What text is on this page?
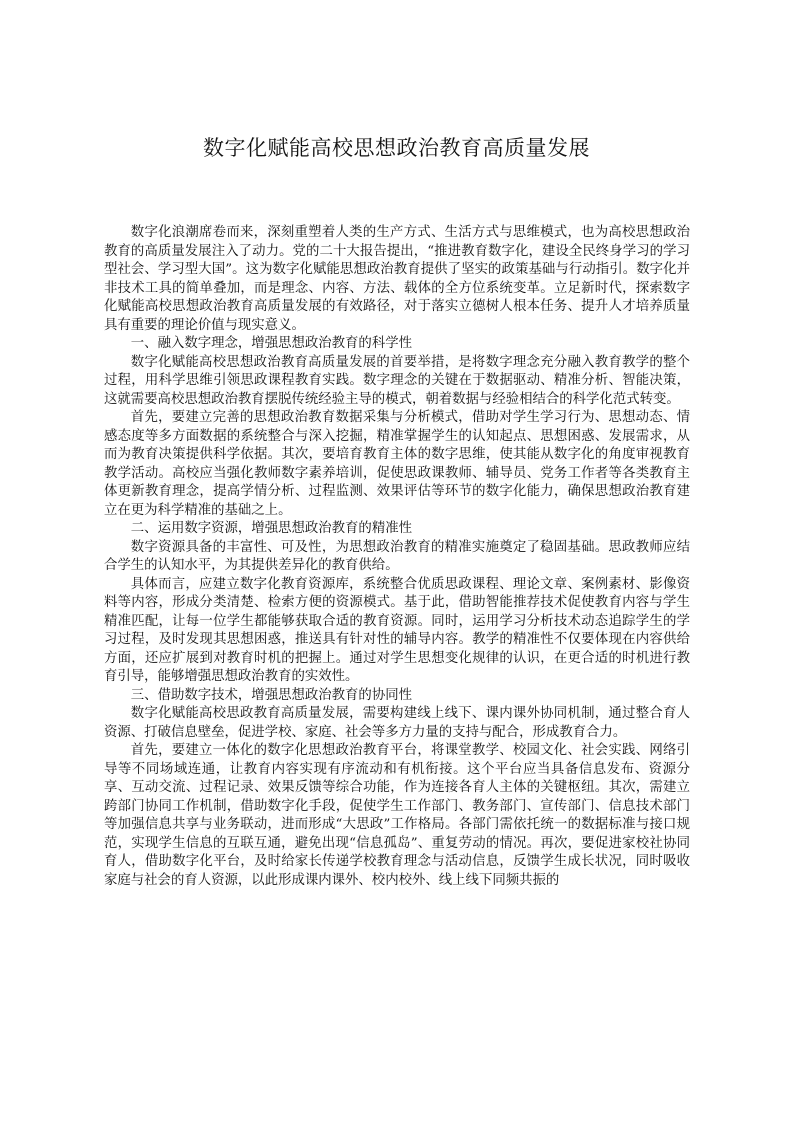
数字化赋能高校思想政治教育高质量发展

数字化浪潮席卷而来，深刻重塑着人类的生产方式、生活方式与思维模式，也为高校思想政治教育的高质量发展注入了动力。党的二十大报告提出，“推进教育数字化，建设全民终身学习的学习型社会、学习型大国”。这为数字化赋能思想政治教育提供了坚实的政策基础与行动指引。数字化并非技术工具的简单叠加，而是理念、内容、方法、载体的全方位系统变革。立足新时代，探索数字化赋能高校思想政治教育高质量发展的有效路径，对于落实立德树人根本任务、提升人才培养质量具有重要的理论价值与现实意义。

一、融入数字理念，增强思想政治教育的科学性

数字化赋能高校思想政治教育高质量发展的首要举措，是将数字理念充分融入教育教学的整个过程，用科学思维引领思政课程教育实践。数字理念的关键在于数据驱动、精准分析、智能决策，这就需要高校思想政治教育摆脱传统经验主导的模式，朝着数据与经验相结合的科学化范式转变。

首先，要建立完善的思想政治教育数据采集与分析模式，借助对学生学习行为、思想动态、情感态度等多方面数据的系统整合与深入挖掘，精准掌握学生的认知起点、思想困惑、发展需求，从而为教育决策提供科学依据。其次，要培育教育主体的数字思维，使其能从数字化的角度审视教育教学活动。高校应当强化教师数字素养培训，促使思政课教师、辅导员、党务工作者等各类教育主体更新教育理念，提高学情分析、过程监测、效果评估等环节的数字化能力，确保思想政治教育建立在更为科学精准的基础之上。

二、运用数字资源，增强思想政治教育的精准性

数字资源具备的丰富性、可及性，为思想政治教育的精准实施奠定了稳固基础。思政教师应结合学生的认知水平，为其提供差异化的教育供给。

具体而言，应建立数字化教育资源库，系统整合优质思政课程、理论文章、案例素材、影像资料等内容，形成分类清楚、检索方便的资源模式。基于此，借助智能推荐技术促使教育内容与学生精准匹配，让每一位学生都能够获取合适的教育资源。同时，运用学习分析技术动态追踪学生的学习过程，及时发现其思想困惑，推送具有针对性的辅导内容。教学的精准性不仅要体现在内容供给方面，还应扩展到对教育时机的把握上。通过对学生思想变化规律的认识，在更合适的时机进行教育引导，能够增强思想政治教育的实效性。

三、借助数字技术，增强思想政治教育的协同性

数字化赋能高校思政教育高质量发展，需要构建线上线下、课内课外协同机制，通过整合育人资源、打破信息壁垒，促进学校、家庭、社会等多方力量的支持与配合，形成教育合力。

首先，要建立一体化的数字化思想政治教育平台，将课堂教学、校园文化、社会实践、网络引导等不同场域连通，让教育内容实现有序流动和有机衔接。这个平台应当具备信息发布、资源分享、互动交流、过程记录、效果反馈等综合功能，作为连接各育人主体的关键枢纽。其次，需建立跨部门协同工作机制，借助数字化手段，促使学生工作部门、教务部门、宣传部门、信息技术部门等加强信息共享与业务联动，进而形成“大思政”工作格局。各部门需依托统一的数据标准与接口规范，实现学生信息的互联互通，避免出现“信息孤岛”、重复劳动的情况。再次，要促进家校社协同育人，借助数字化平台，及时给家长传递学校教育理念与活动信息，反馈学生成长状况，同时吸收家庭与社会的育人资源，以此形成课内课外、校内校外、线上线下同频共振的
